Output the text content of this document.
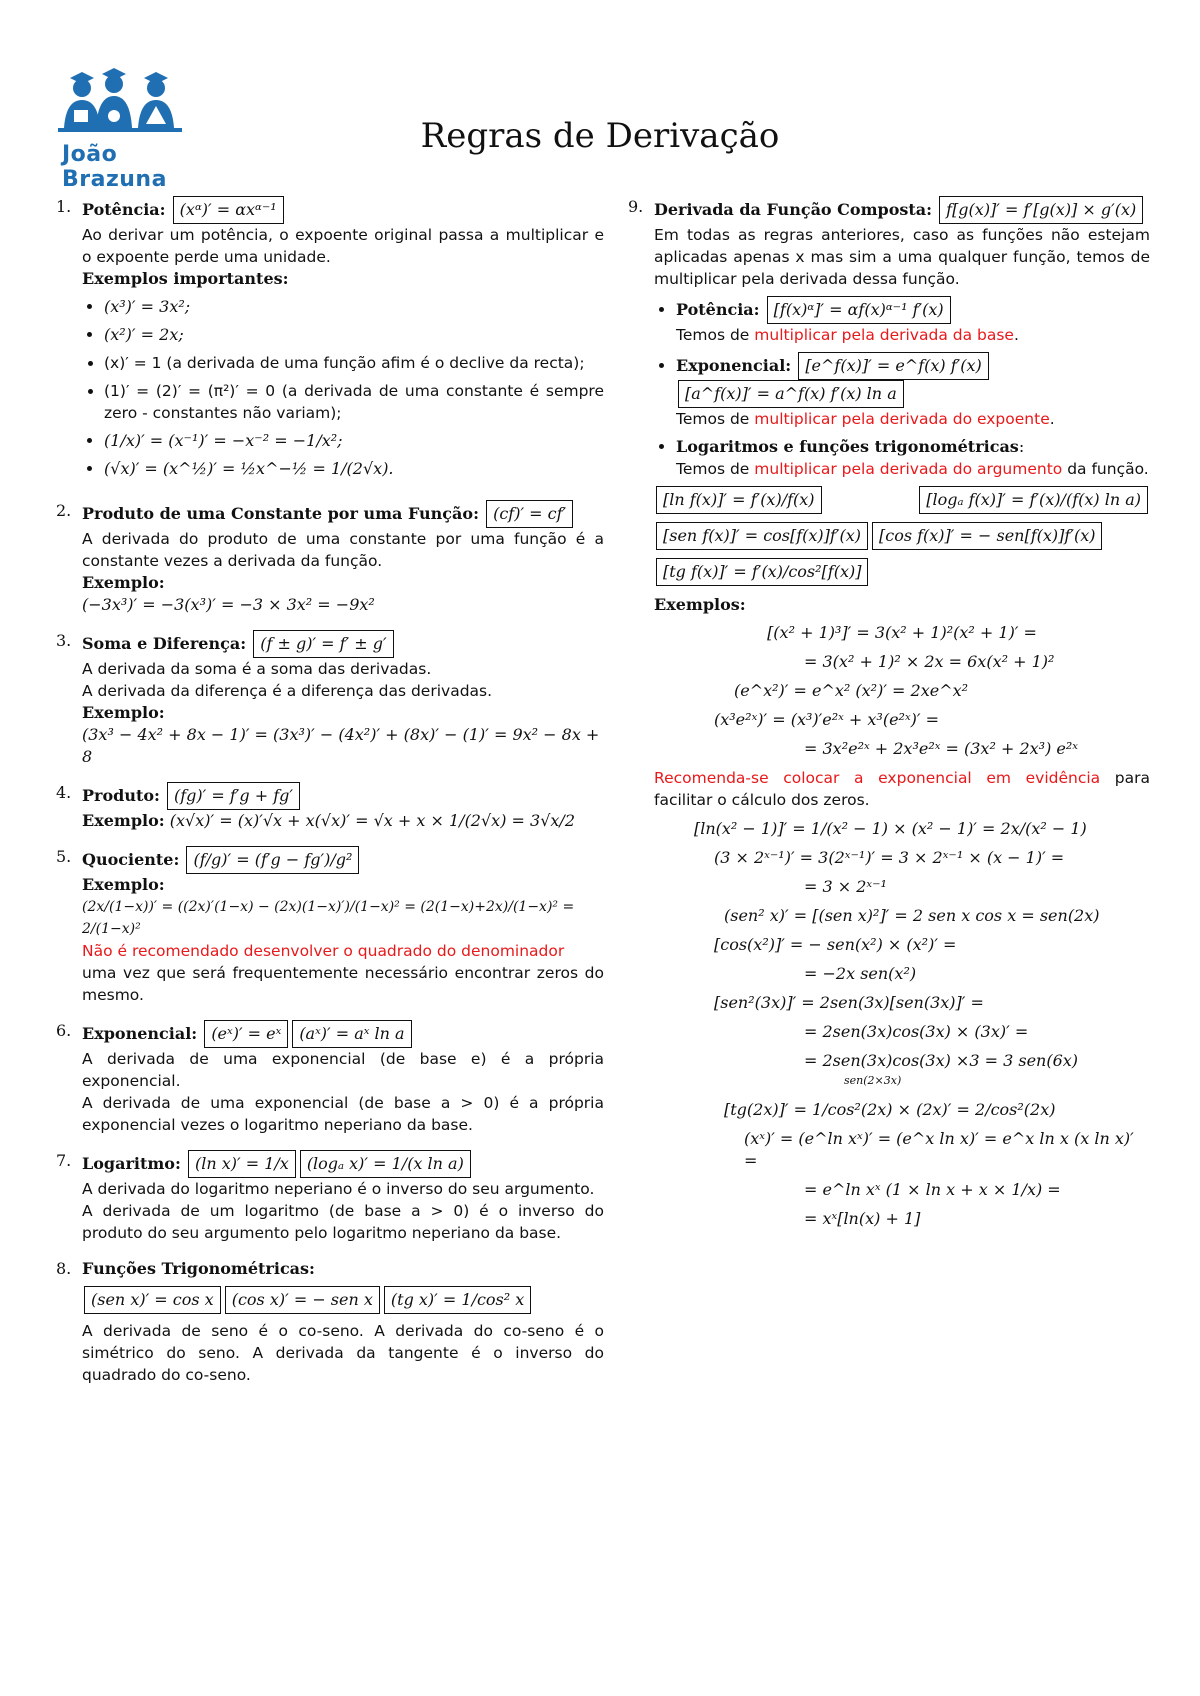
João Brazuna
Regras de Derivação
1. Potência: (xᵅ)′ = αxᵅ⁻¹
Ao derivar um potência, o expoente original passa a multiplicar e o expoente perde uma unidade.
Exemplos importantes:
• (x³)′ = 3x²;
• (x²)′ = 2x;
• (x)′ = 1 (a derivada de uma função afim é o declive da recta);
• (1)′ = (2)′ = (π²)′ = 0 (a derivada de uma constante é sempre zero - constantes não variam);
• (1/x)′ = (x⁻¹)′ = −x⁻² = −1/x²;
• (√x)′ = (x^½)′ = ½x^−½ = 1/(2√x).
2. Produto de uma Constante por uma Função: (cf)′ = cf′
A derivada do produto de uma constante por uma função é a constante vezes a derivada da função.
Exemplo:
(−3x³)′ = −3(x³)′ = −3 × 3x² = −9x²
3. Soma e Diferença: (f ± g)′ = f′ ± g′
A derivada da soma é a soma das derivadas.
A derivada da diferença é a diferença das derivadas.
Exemplo:
(3x³ − 4x² + 8x − 1)′ = (3x³)′ − (4x²)′ + (8x)′ − (1)′ = 9x² − 8x + 8
4. Produto: (fg)′ = f′g + fg′
Exemplo: (x√x)′ = (x)′√x + x(√x)′ = √x + x × 1/(2√x) = 3√x/2
5. Quociente: (f/g)′ = (f′g − fg′)/g²
Exemplo:
(2x/(1−x))′ = ((2x)′(1−x) − (2x)(1−x)′)/(1−x)² = (2(1−x)+2x)/(1−x)² = 2/(1−x)²
Não é recomendado desenvolver o quadrado do denominador
uma vez que será frequentemente necessário encontrar zeros do mesmo.
6. Exponencial: (eˣ)′ = eˣ (aˣ)′ = aˣ ln a
A derivada de uma exponencial (de base e) é a própria exponencial.
A derivada de uma exponencial (de base a > 0) é a própria exponencial vezes o logaritmo neperiano da base.
7. Logaritmo: (ln x)′ = 1/x (logₐ x)′ = 1/(x ln a)
A derivada do logaritmo neperiano é o inverso do seu argumento.
A derivada de um logaritmo (de base a > 0) é o inverso do produto do seu argumento pelo logaritmo neperiano da base.
8. Funções Trigonométricas:
(sen x)′ = cos x (cos x)′ = − sen x (tg x)′ = 1/cos² x
A derivada de seno é o co-seno. A derivada do co-seno é o simétrico do seno. A derivada da tangente é o inverso do quadrado do co-seno.
9. Derivada da Função Composta: f[g(x)]′ = f′[g(x)] × g′(x)
Em todas as regras anteriores, caso as funções não estejam aplicadas apenas x mas sim a uma qualquer função, temos de multiplicar pela derivada dessa função.
• Potência: [f(x)ᵅ]′ = αf(x)ᵅ⁻¹ f′(x)
Temos de multiplicar pela derivada da base.
• Exponencial: [e^f(x)]′ = e^f(x) f′(x)[a^f(x)]′ = a^f(x) f′(x) ln a
Temos de multiplicar pela derivada do expoente.
• Logaritmos e funções trigonométricas:
Temos de multiplicar pela derivada do argumento da função.
[ln f(x)]′ = f′(x)/f(x)	[logₐ f(x)]′ = f′(x)/(f(x) ln a)
[sen f(x)]′ = cos[f(x)]f′(x) [cos f(x)]′ = − sen[f(x)]f′(x)
[tg f(x)]′ = f′(x)/cos²[f(x)]
Exemplos:
[(x² + 1)³]′ = 3(x² + 1)²(x² + 1)′ =
= 3(x² + 1)² × 2x = 6x(x² + 1)²
(e^x²)′ = e^x² (x²)′ = 2xe^x²
(x³e²ˣ)′ = (x³)′e²ˣ + x³(e²ˣ)′ =
= 3x²e²ˣ + 2x³e²ˣ = (3x² + 2x³) e²ˣ
Recomenda-se colocar a exponencial em evidência para facilitar o cálculo dos zeros.
[ln(x² − 1)]′ = 1/(x² − 1) × (x² − 1)′ = 2x/(x² − 1)
(3 × 2ˣ⁻¹)′ = 3(2ˣ⁻¹)′ = 3 × 2ˣ⁻¹ × (x − 1)′ =
= 3 × 2ˣ⁻¹
(sen² x)′ = [(sen x)²]′ = 2 sen x cos x = sen(2x)
[cos(x²)]′ = − sen(x²) × (x²)′ =
= −2x sen(x²)
[sen²(3x)]′ = 2sen(3x)[sen(3x)]′ =
= 2sen(3x)cos(3x) × (3x)′ =
= 2sen(3x)cos(3x) ×3 = 3 sen(6x)
sen(2×3x)
[tg(2x)]′ = 1/cos²(2x) × (2x)′ = 2/cos²(2x)
(xˣ)′ = (e^ln xˣ)′ = (e^x ln x)′ = e^x ln x (x ln x)′ =
= e^ln xˣ (1 × ln x + x × 1/x) =
= xˣ[ln(x) + 1]
